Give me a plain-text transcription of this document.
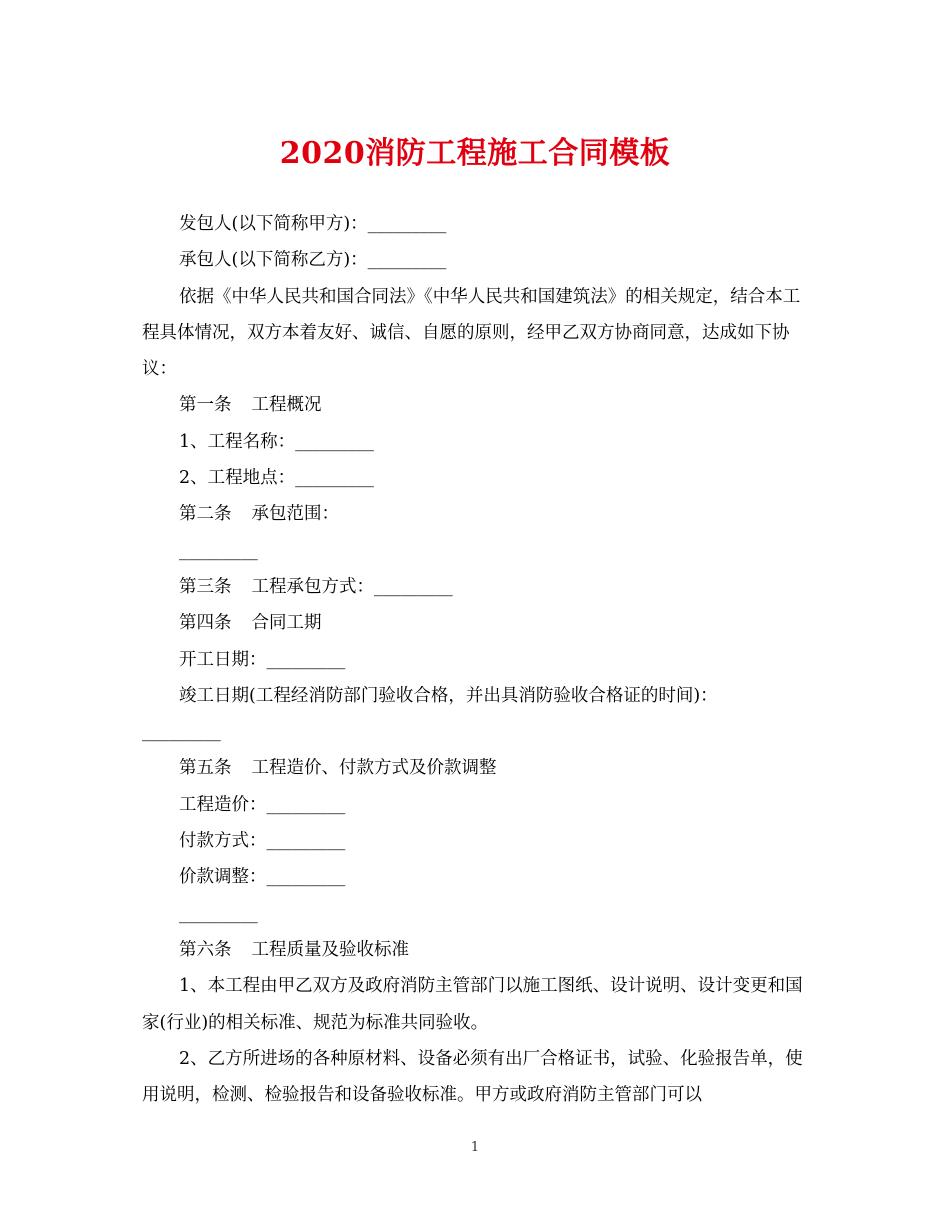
2020消防工程施工合同模板

发包人(以下简称甲方)：_________

承包人(以下简称乙方)：_________

依据《中华人民共和国合同法》《中华人民共和国建筑法》的相关规定，结合本工程具体情况，双方本着友好、诚信、自愿的原则，经甲乙双方协商同意，达成如下协议：

第一条 工程概况

1、工程名称：_________

2、工程地点：_________

第二条 承包范围：

_________

第三条 工程承包方式：_________

第四条 合同工期

开工日期：_________

竣工日期(工程经消防部门验收合格，并出具消防验收合格证的时间)：

_________

第五条 工程造价、付款方式及价款调整

工程造价：_________

付款方式：_________

价款调整：_________

_________

第六条 工程质量及验收标准

1、本工程由甲乙双方及政府消防主管部门以施工图纸、设计说明、设计变更和国家(行业)的相关标准、规范为标准共同验收。

2、乙方所进场的各种原材料、设备必须有出厂合格证书，试验、化验报告单，使用说明，检测、检验报告和设备验收标准。甲方或政府消防主管部门可以

1
